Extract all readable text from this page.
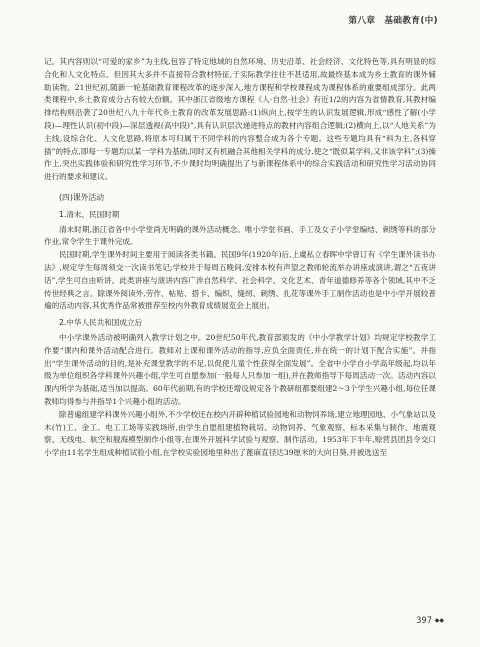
第八章　基础教育(中)

记。其内容则以“可爱的家乡”为主线,包容了特定地域的自然环境、历史沿革、社会经济、文化特色等,具有明显的综合化和人文化特点。但因其大多并不直接符合教材特征,于实际教学往往不甚适用,故最终基本成为乡土教育的课外辅助读物。21世纪初,随新一轮基础教育课程改革的逐步深入,地方课程和学校课程成为课程体系的重要组成部分。此两类课程中,乡土教育成分占有较大份额。其中浙江省级地方课程《人·自然·社会》有近1/2的内容为省情教育,其教材编排结构则沿袭了20世纪八九十年代乡土教育的改革发展思路:(1)纵向上,按学生的认识发展逻辑,形成“感性了解(小学段)—理性认识(初中段)—深层透视(高中段)”,具有认识层次递进特点的教材内容组合逻辑;(2)横向上,以“人地关系”为主线,设综合化、人文化思路,将原本可归属于不同学科的内容整合成为各个专题。这些专题均具有“科为主,各科穿插”的特点,即每一专题均以某一学科为基础,同时又有机融合其他相关学科的成分,使之“既似某学科,又非该学科”;(3)操作上,突出实践体验和研究性学习环节,不少课时均明确提出了与新课程体系中的综合实践活动和研究性学习活动协同进行的要求和建议。

(四)课外活动
1.清末、民国时期

清末时期,浙江省各中小学堂尚无明确的课外活动概念。唯小学堂书画、手工及女子小学堂编结、刺绣等科的部分作业,常令学生于课外完成。

民国时期,学生课外时间主要用于阅读各类书籍。民国9年(1920年)后,上虞私立春晖中学曾订有《学生课外读书办法》,规定学生每周须交一次读书笔记;学校并于每周五晚间,安排本校有声望之教师轮流举办讲座或演讲,谓之“五夜讲话”,学生可自由听讲。此类讲座与演讲内容广涉自然科学、社会科学、文化艺术、青年道德修养等各个领域,其中不乏传世经典之言。除课外阅读外,劳作、帖贴、搭卡、编织、缝纫、刺绣、扎花等课外手工制作活动也是中小学开展较普遍的活动内容,其优秀作品常被推荐至校内外教育成绩展览会上展出。

2.中华人民共和国成立后

中小学课外活动被明确列入教学计划之中。20世纪50年代,教育部颁发的《中小学教学计划》均规定学校教学工作要“课内和课外活动配合进行。教师对上课和课外活动的指导,应负全面责任,并在统一的计划下配合实施”。并指出“学生课外活动的目的,是补充课堂教学的不足,以促使儿童个性获得全面发展”。全省中小学自小学高年级起,均以年级为单位组织各学科课外兴趣小组,学生可自愿参加(一般每人只参加一组),并在教师指导下每周活动一次。活动内容以课内所学为基础,适当加以提高。60年代前期,有的学校还增设规定各个教研组都要组建2～3个学生兴趣小组,每位任课教师均得参与并指导1个兴趣小组的活动。

除普遍组建学科课外兴趣小组外,不少学校还在校内开辟种植试验园地和动物饲养场,建立地理园地、小气象站以及木(竹)工、金工、电工工场等实践场所,由学生自愿组建植物栽培、动物饲养、气象观察、标本采集与制作、地震观察、无线电、航空和舰海模型制作小组等,在课外开展科学试验与观察、制作活动。1953年下半年,赊营县团县令交口小学由11名学生组成种植试验小组,在学校实验园地里种出了蓖麻直径达39厘米的大向日葵,并被选送至

397 ◆◆
